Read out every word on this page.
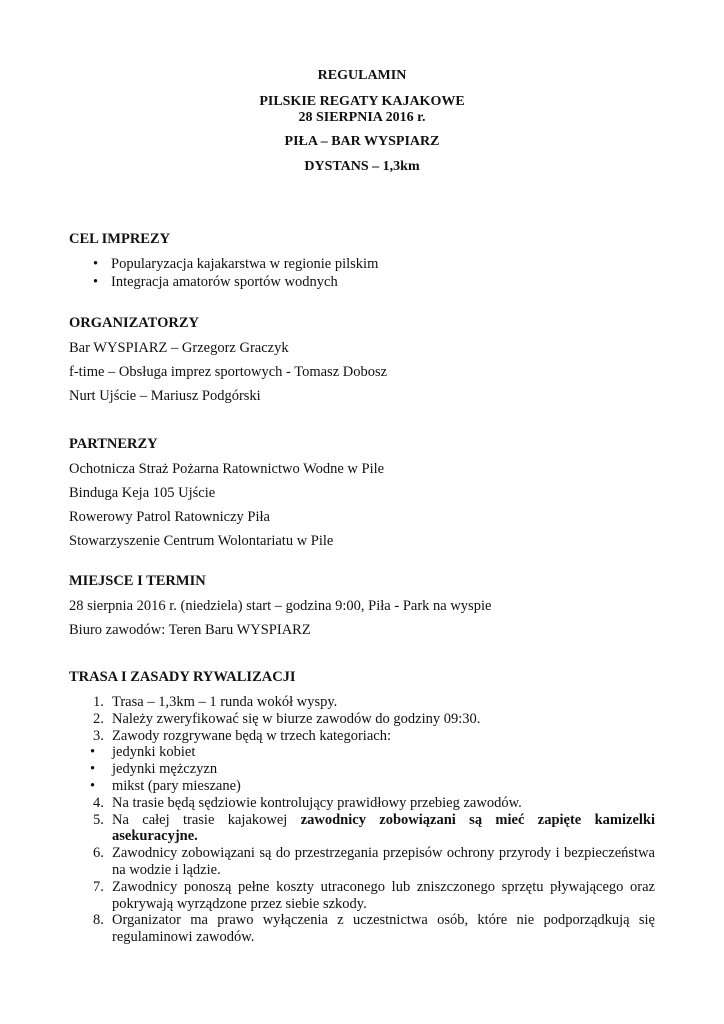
REGULAMIN
PILSKIE REGATY KAJAKOWE
28 SIERPNIA 2016 r.
PIŁA – BAR WYSPIARZ
DYSTANS – 1,3km
CEL IMPREZY
• Popularyzacja kajakarstwa w regionie pilskim
• Integracja amatorów sportów wodnych
ORGANIZATORZY
Bar WYSPIARZ – Grzegorz Graczyk
f-time – Obsługa imprez sportowych - Tomasz Dobosz
Nurt Ujście – Mariusz Podgórski
PARTNERZY
Ochotnicza Straż Pożarna Ratownictwo Wodne w Pile
Binduga Keja 105 Ujście
Rowerowy Patrol Ratowniczy Piła
Stowarzyszenie Centrum Wolontariatu w Pile
MIEJSCE I TERMIN
28 sierpnia 2016 r. (niedziela) start – godzina 9:00, Piła - Park na wyspie
Biuro zawodów: Teren Baru WYSPIARZ
TRASA I ZASADY RYWALIZACJI
1. Trasa – 1,3km – 1 runda wokół wyspy.
2. Należy zweryfikować się w biurze zawodów do godziny 09:30.
3. Zawody rozgrywane będą w trzech kategoriach:
• jedynki kobiet
• jedynki mężczyzn
• mikst (pary mieszane)
4. Na trasie będą sędziowie kontrolujący prawidłowy przebieg zawodów.
5. Na całej trasie kajakowej zawodnicy zobowiązani są mieć zapięte kamizelki asekuracyjne.
6. Zawodnicy zobowiązani są do przestrzegania przepisów ochrony przyrody i bezpieczeństwa na wodzie i lądzie.
7. Zawodnicy ponoszą pełne koszty utraconego lub zniszczonego sprzętu pływającego oraz pokrywają wyrządzone przez siebie szkody.
8. Organizator ma prawo wyłączenia z uczestnictwa osób, które nie podporządkują się regulaminowi zawodów.
